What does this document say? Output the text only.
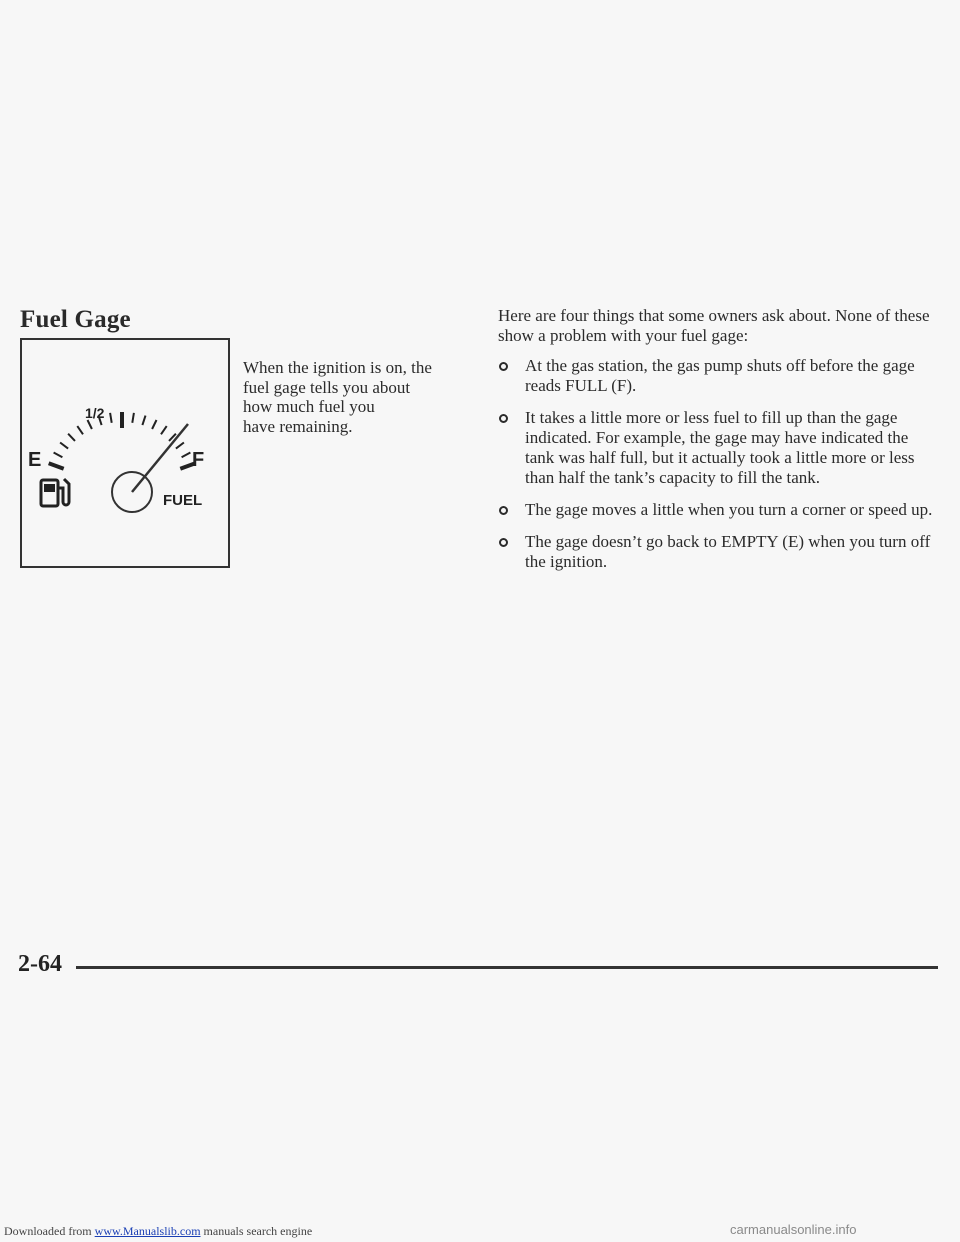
Fuel Gage
1/2
E	F
FUEL
When the ignition is on, the
fuel gage tells you about
how much fuel you
have remaining.

Here are four things that some owners ask about. None of these show a problem with your fuel gage:

At the gas station, the gas pump shuts off before the gage reads FULL (F).
It takes a little more or less fuel to fill up than the gage indicated. For example, the gage may have indicated the tank was half full, but it actually took a little more or less than half the tank’s capacity to fill the tank.
The gage moves a little when you turn a corner or speed up.
The gage doesn’t go back to EMPTY (E) when you turn off the ignition.
2-64
Downloaded from www.Manualslib.com manuals search engine	carmanualsonline.info
